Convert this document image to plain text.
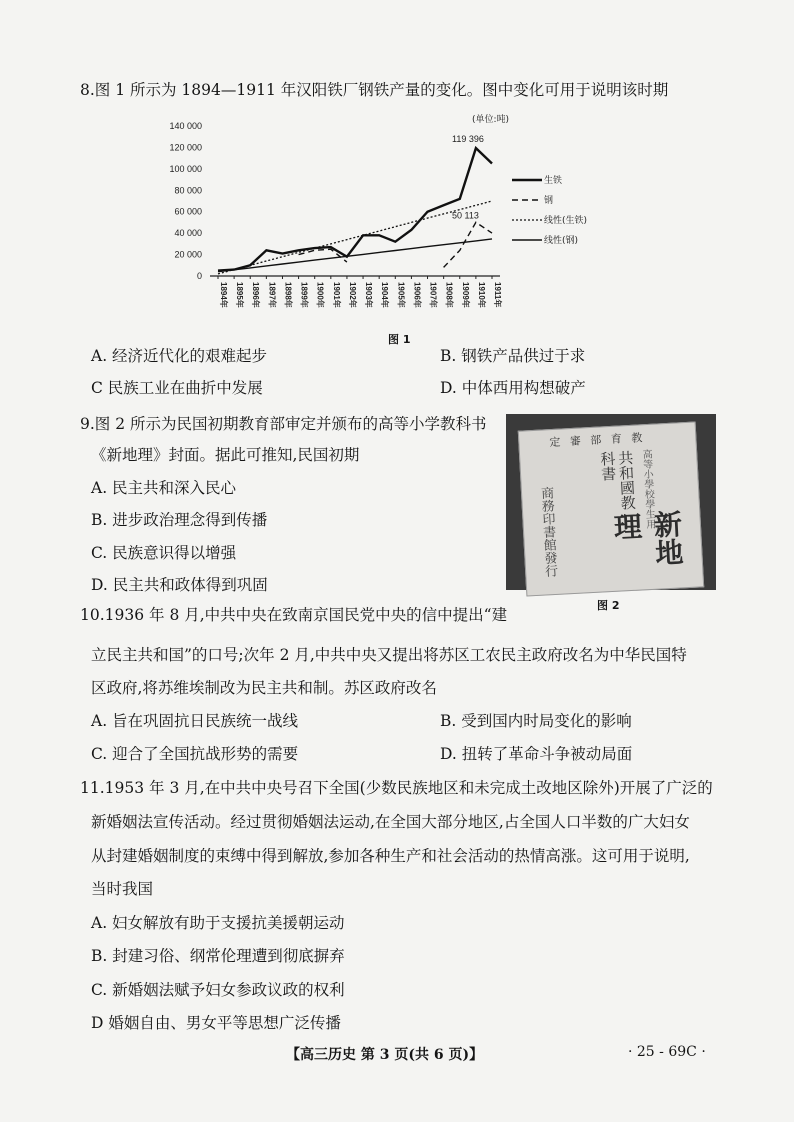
8.图 1 所示为 1894—1911 年汉阳铁厂钢铁产量的变化。图中变化可用于说明该时期
0
20 000
40 000
60 000
80 000
100 000
120 000
140 000
1894年 1895年 1896年 1897年 1898年 1899年 1900年 1901年 1902年 1903年 1904年 1905年 1906年 1907年 1908年 1909年 1910年 1911年
生铁
钢
线性(生铁)
线性(钢)
(单位:吨)
119 396
50 113
图 1
A. 经济近代化的艰难起步	B. 钢铁产品供过于求
C 民族工业在曲折中发展	D. 中体西用构想破产
9.图 2 所示为民国初期教育部审定并颁布的高等小学教科书
《新地理》封面。据此可推知,民国初期
A. 民主共和深入民心
B. 进步政治理念得到传播
C. 民族意识得以增强
D. 民主共和政体得到巩固
定 審 部 育 教
共和國教科書	高等小學校學生用
商務印書館發行	新地理
图 2
10.1936 年 8 月,中共中央在致南京国民党中央的信中提出“建
立民主共和国”的口号;次年 2 月,中共中央又提出将苏区工农民主政府改名为中华民国特
区政府,将苏维埃制改为民主共和制。苏区政府改名
A. 旨在巩固抗日民族统一战线	B. 受到国内时局变化的影响
C. 迎合了全国抗战形势的需要	D. 扭转了革命斗争被动局面
11.1953 年 3 月,在中共中央号召下全国(少数民族地区和未完成土改地区除外)开展了广泛的
新婚姻法宣传活动。经过贯彻婚姻法运动,在全国大部分地区,占全国人口半数的广大妇女
从封建婚姻制度的束缚中得到解放,参加各种生产和社会活动的热情高涨。这可用于说明,
当时我国
A. 妇女解放有助于支援抗美援朝运动
B. 封建习俗、纲常伦理遭到彻底摒弃
C. 新婚姻法赋予妇女参政议政的权利
D 婚姻自由、男女平等思想广泛传播
【高三历史 第 3 页(共 6 页)】	· 25 - 69C ·
